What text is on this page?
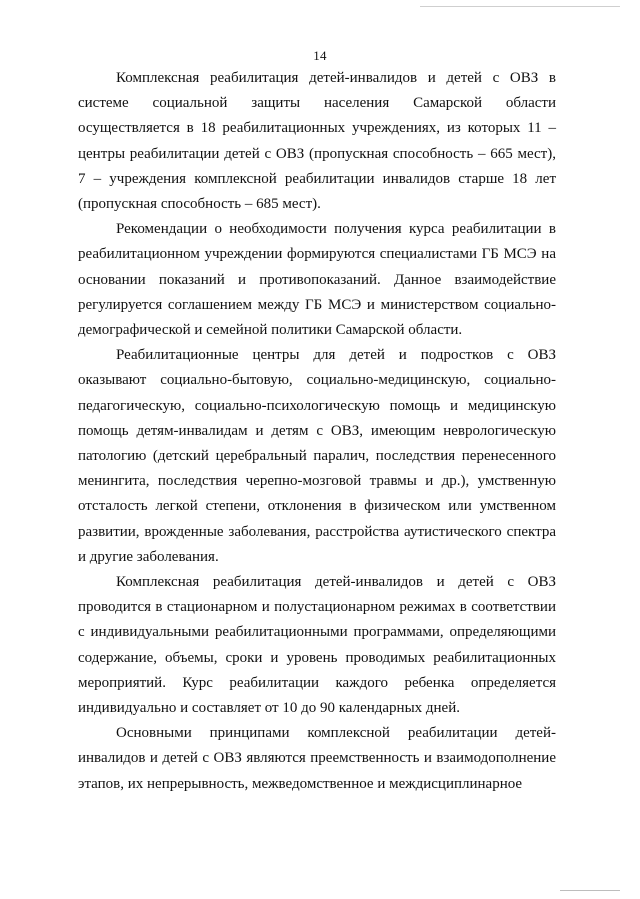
14

Комплексная реабилитация детей-инвалидов и детей с ОВЗ в системе социальной защиты населения Самарской области осуществляется в 18 реабилитационных учреждениях, из которых 11 – центры реабилитации детей с ОВЗ (пропускная способность – 665 мест), 7 – учреждения комплексной реабилитации инвалидов старше 18 лет (пропускная способность – 685 мест).

Рекомендации о необходимости получения курса реабилитации в реабилитационном учреждении формируются специалистами ГБ МСЭ на основании показаний и противопоказаний. Данное взаимодействие регулируется соглашением между ГБ МСЭ и министерством социально-демографической и семейной политики Самарской области.

Реабилитационные центры для детей и подростков с ОВЗ оказывают социально-бытовую, социально-медицинскую, социально-педагогическую, социально-психологическую помощь и медицинскую помощь детям-инвалидам и детям с ОВЗ, имеющим неврологическую патологию (детский церебральный паралич, последствия перенесенного менингита, последствия черепно-мозговой травмы и др.), умственную отсталость легкой степени, отклонения в физическом или умственном развитии, врожденные заболевания, расстройства аутистического спектра и другие заболевания.

Комплексная реабилитация детей-инвалидов и детей с ОВЗ проводится в стационарном и полустационарном режимах в соответствии с индивидуальными реабилитационными программами, определяющими содержание, объемы, сроки и уровень проводимых реабилитационных мероприятий. Курс реабилитации каждого ребенка определяется индивидуально и составляет от 10 до 90 календарных дней.

Основными принципами комплексной реабилитации детей-инвалидов и детей с ОВЗ являются преемственность и взаимодополнение этапов, их непрерывность, межведомственное и междисциплинарное
